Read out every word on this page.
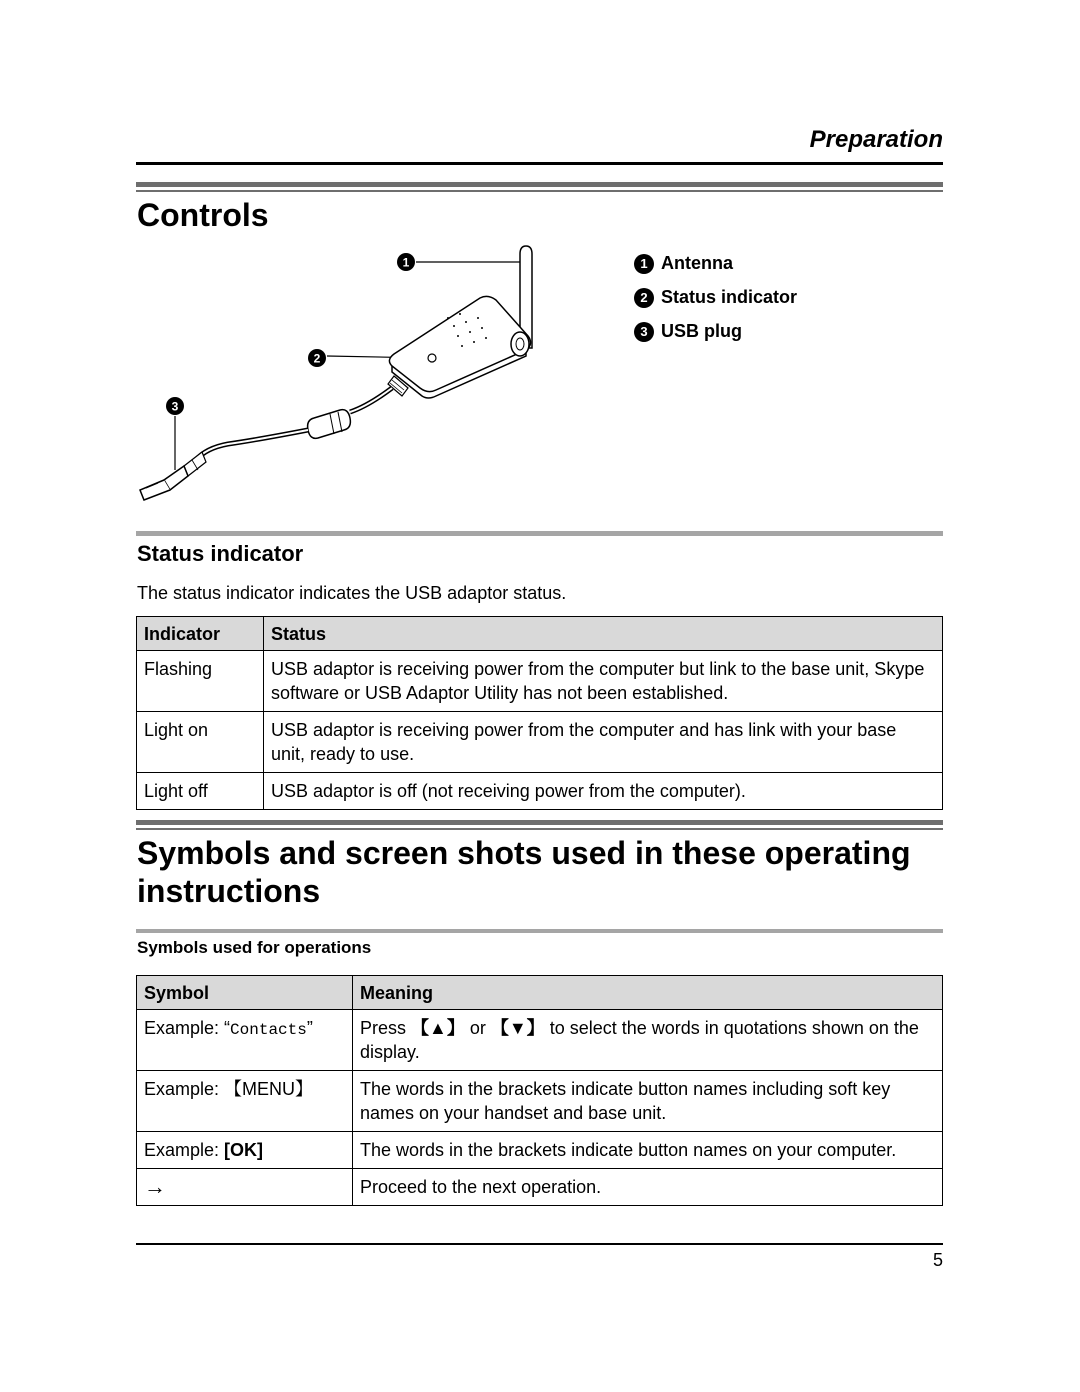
Preparation
Controls
1
2
3
1 Antenna
2 Status indicator
3 USB plug
Status indicator
The status indicator indicates the USB adaptor status.
Indicator	Status
Flashing	USB adaptor is receiving power from the computer but link to the base unit, Skype software or USB Adaptor Utility has not been established.
Light on	USB adaptor is receiving power from the computer and has link with your base unit, ready to use.
Light off	USB adaptor is off (not receiving power from the computer).
Symbols and screen shots used in these operating instructions
Symbols used for operations
Symbol	Meaning
Example: “Contacts”	Press 【▲】 or 【▼】 to select the words in quotations shown on the display.
Example: 【MENU】	The words in the brackets indicate button names including soft key names on your handset and base unit.
Example: [OK]	The words in the brackets indicate button names on your computer.
→	Proceed to the next operation.
5
